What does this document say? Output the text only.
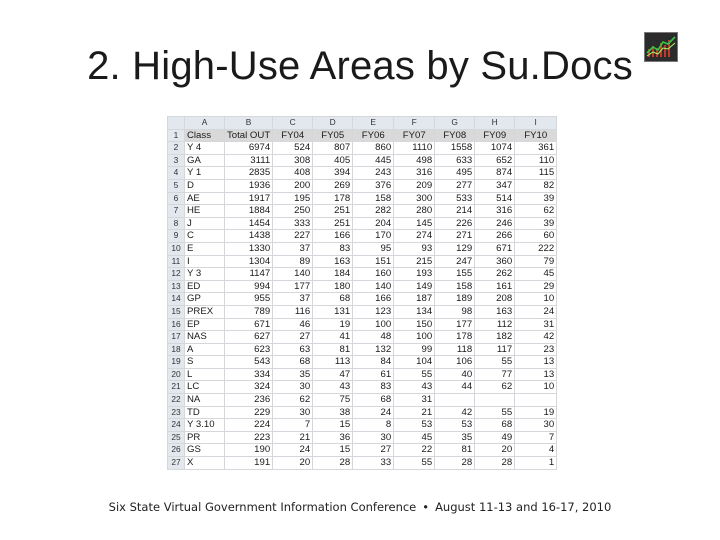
2. High-Use Areas by Su.Docs
	A	B	C	D	E	F	G	H	I
1	Class	Total OUT	FY04	FY05	FY06	FY07	FY08	FY09	FY10
2	Y 4	6974	524	807	860	1110	1558	1074	361
3	GA	3111	308	405	445	498	633	652	110
4	Y 1	2835	408	394	243	316	495	874	115
5	D	1936	200	269	376	209	277	347	82
6	AE	1917	195	178	158	300	533	514	39
7	HE	1884	250	251	282	280	214	316	62
8	J	1454	333	251	204	145	226	246	39
9	C	1438	227	166	170	274	271	266	60
10	E	1330	37	83	95	93	129	671	222
11	I	1304	89	163	151	215	247	360	79
12	Y 3	1147	140	184	160	193	155	262	45
13	ED	994	177	180	140	149	158	161	29
14	GP	955	37	68	166	187	189	208	10
15	PREX	789	116	131	123	134	98	163	24
16	EP	671	46	19	100	150	177	112	31
17	NAS	627	27	41	48	100	178	182	42
18	A	623	63	81	132	99	118	117	23
19	S	543	68	113	84	104	106	55	13
20	L	334	35	47	61	55	40	77	13
21	LC	324	30	43	83	43	44	62	10
22	NA	236	62	75	68	31			
23	TD	229	30	38	24	21	42	55	19
24	Y 3.10	224	7	15	8	53	53	68	30
25	PR	223	21	36	30	45	35	49	7
26	GS	190	24	15	27	22	81	20	4
27	X	191	20	28	33	55	28	28	1
Six State Virtual Government Information Conference • August 11-13 and 16-17, 2010
